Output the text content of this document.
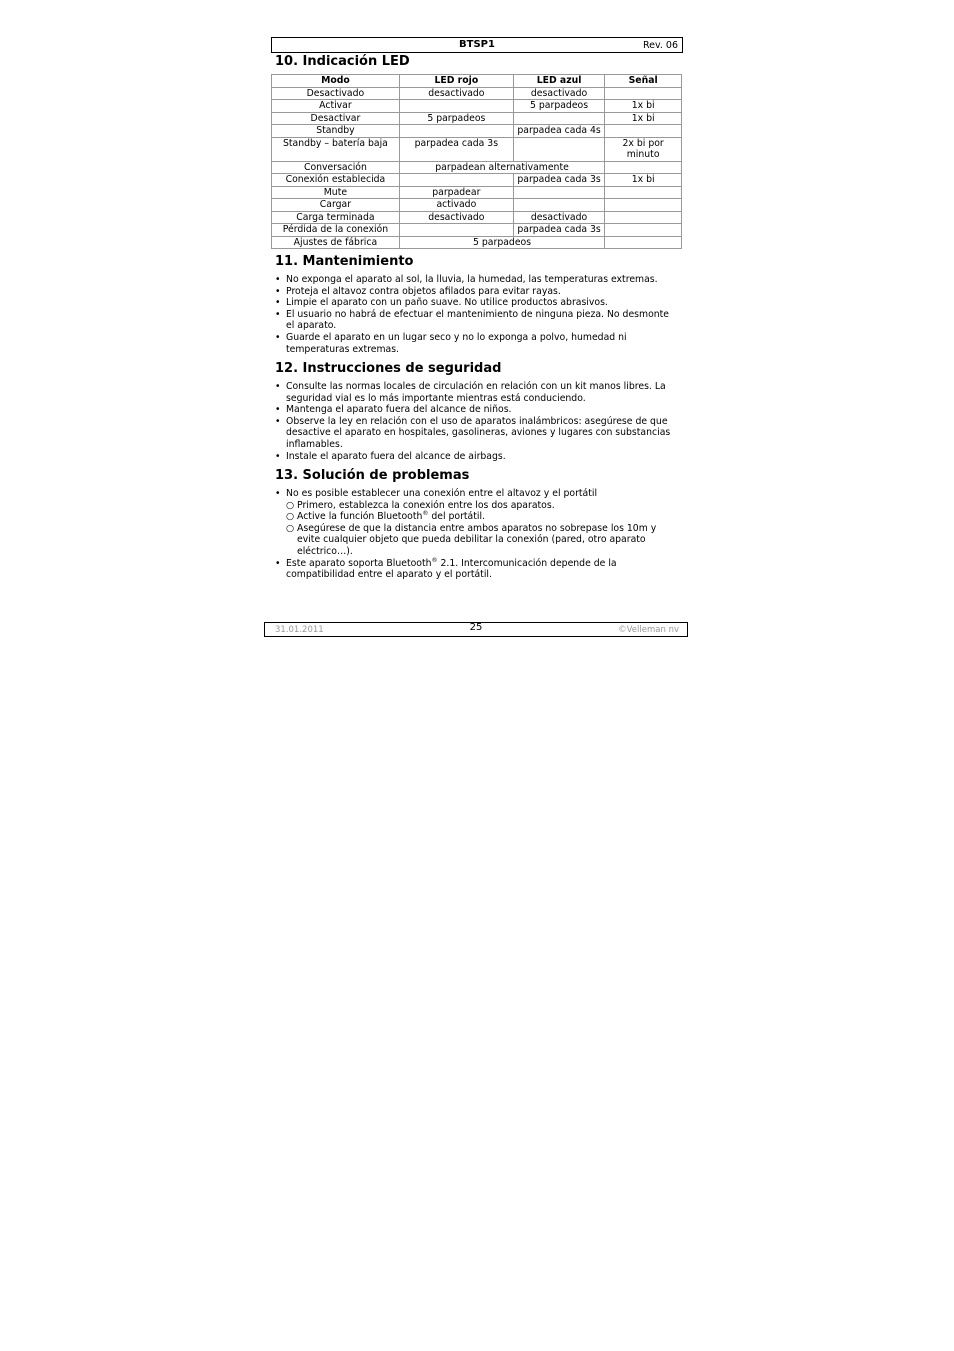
BTSP1	Rev. 06
10. Indicación LED
Modo	LED rojo	LED azul	Señal
Desactivado	desactivado	desactivado	
Activar		5 parpadeos	1x bi
Desactivar	5 parpadeos		1x bi
Standby		parpadea cada 4s	
Standby – batería baja	parpadea cada 3s		2x bi por minuto
Conversación	parpadean alternativamente		
Conexión establecida		parpadea cada 3s	1x bi
Mute	parpadear		
Cargar	activado		
Carga terminada	desactivado	desactivado	
Pérdida de la conexión		parpadea cada 3s	
Ajustes de fábrica	5 parpadeos		
11. Mantenimiento
• No exponga el aparato al sol, la lluvia, la humedad, las temperaturas extremas.
• Proteja el altavoz contra objetos afilados para evitar rayas.
• Limpie el aparato con un paño suave. No utilice productos abrasivos.
• El usuario no habrá de efectuar el mantenimiento de ninguna pieza. No desmonte el aparato.
• Guarde el aparato en un lugar seco y no lo exponga a polvo, humedad ni temperaturas extremas.
12. Instrucciones de seguridad
• Consulte las normas locales de circulación en relación con un kit manos libres. La seguridad vial es lo más importante mientras está conduciendo.
• Mantenga el aparato fuera del alcance de niños.
• Observe la ley en relación con el uso de aparatos inalámbricos: asegúrese de que desactive el aparato en hospitales, gasolineras, aviones y lugares con substancias inflamables.
• Instale el aparato fuera del alcance de airbags.
13. Solución de problemas
• No es posible establecer una conexión entre el altavoz y el portátil
○ Primero, establezca la conexión entre los dos aparatos.
○ Active la función Bluetooth® del portátil.
○ Asegúrese de que la distancia entre ambos aparatos no sobrepase los 10m y evite cualquier objeto que pueda debilitar la conexión (pared, otro aparato eléctrico…).
• Este aparato soporta Bluetooth® 2.1. Intercomunicación depende de la compatibilidad entre el aparato y el portátil.
31.01.2011	25	©Velleman nv
